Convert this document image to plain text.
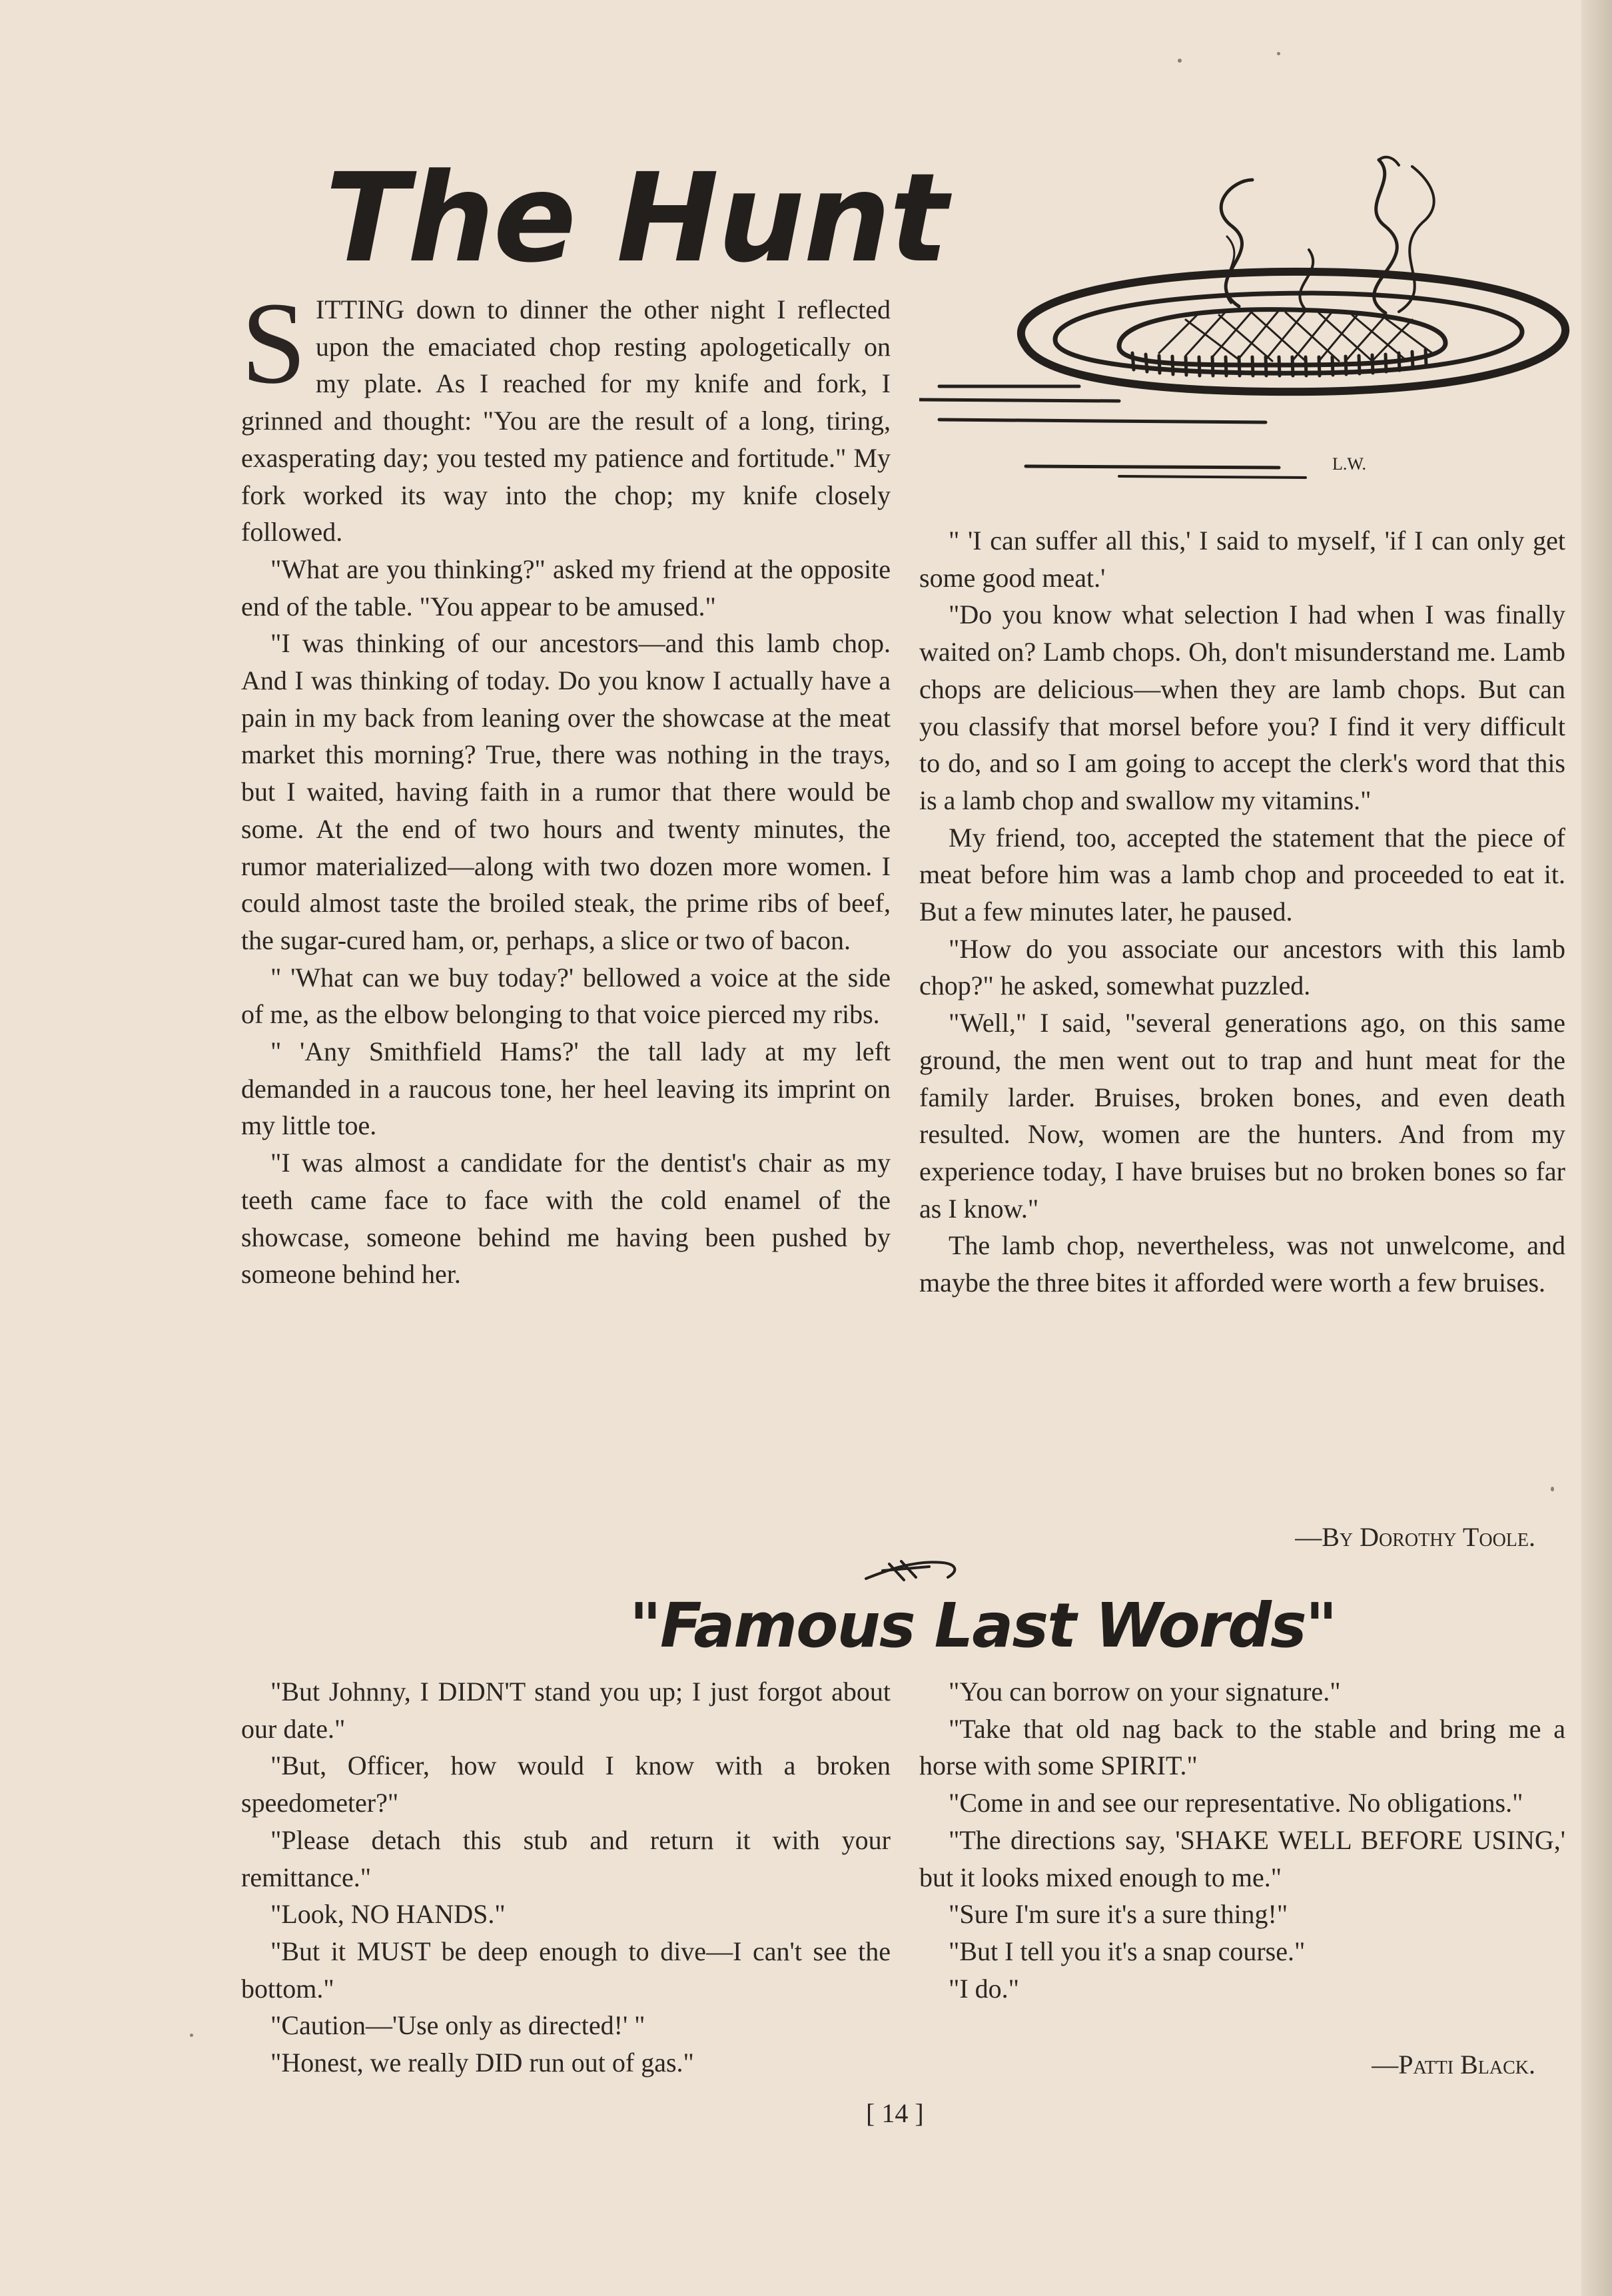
The Hunt
L.W.
S ITTING down to dinner the other night I reflected upon the emaciated chop resting apologetically on my plate. As I reached for my knife and fork, I grinned and thought: "You are the result of a long, tiring, exasperating day; you tested my patience and fortitude." My fork worked its way into the chop; my knife closely followed.

"What are you thinking?" asked my friend at the opposite end of the table. "You appear to be amused."

"I was thinking of our ancestors—and this lamb chop. And I was thinking of today. Do you know I actually have a pain in my back from leaning over the showcase at the meat market this morning? True, there was nothing in the trays, but I waited, having faith in a rumor that there would be some. At the end of two hours and twenty minutes, the rumor materialized—along with two dozen more women. I could almost taste the broiled steak, the prime ribs of beef, the sugar-cured ham, or, perhaps, a slice or two of bacon.

" 'What can we buy today?' bellowed a voice at the side of me, as the elbow belonging to that voice pierced my ribs.

" 'Any Smithfield Hams?' the tall lady at my left demanded in a raucous tone, her heel leaving its imprint on my little toe.

"I was almost a candidate for the dentist's chair as my teeth came face to face with the cold enamel of the showcase, someone behind me having been pushed by someone behind her.

" 'I can suffer all this,' I said to myself, 'if I can only get some good meat.'

"Do you know what selection I had when I was finally waited on? Lamb chops. Oh, don't misunderstand me. Lamb chops are delicious—when they are lamb chops. But can you classify that morsel before you? I find it very difficult to do, and so I am going to accept the clerk's word that this is a lamb chop and swallow my vitamins."

My friend, too, accepted the statement that the piece of meat before him was a lamb chop and proceeded to eat it. But a few minutes later, he paused.

"How do you associate our ancestors with this lamb chop?" he asked, somewhat puzzled.

"Well," I said, "several generations ago, on this same ground, the men went out to trap and hunt meat for the family larder. Bruises, broken bones, and even death resulted. Now, women are the hunters. And from my experience today, I have bruises but no broken bones so far as I know."

The lamb chop, nevertheless, was not unwelcome, and maybe the three bites it afforded were worth a few bruises.

—By Dorothy Toole.
"Famous Last Words"

"But Johnny, I DIDN'T stand you up; I just forgot about our date."

"But, Officer, how would I know with a broken speedometer?"

"Please detach this stub and return it with your remittance."

"Look, NO HANDS."

"But it MUST be deep enough to dive—I can't see the bottom."

"Caution—'Use only as directed!' "

"Honest, we really DID run out of gas."

"You can borrow on your signature."

"Take that old nag back to the stable and bring me a horse with some SPIRIT."

"Come in and see our representative. No obligations."

"The directions say, 'SHAKE WELL BEFORE USING,' but it looks mixed enough to me."

"Sure I'm sure it's a sure thing!"

"But I tell you it's a snap course."

"I do."

—Patti Black.
[ 14 ]
